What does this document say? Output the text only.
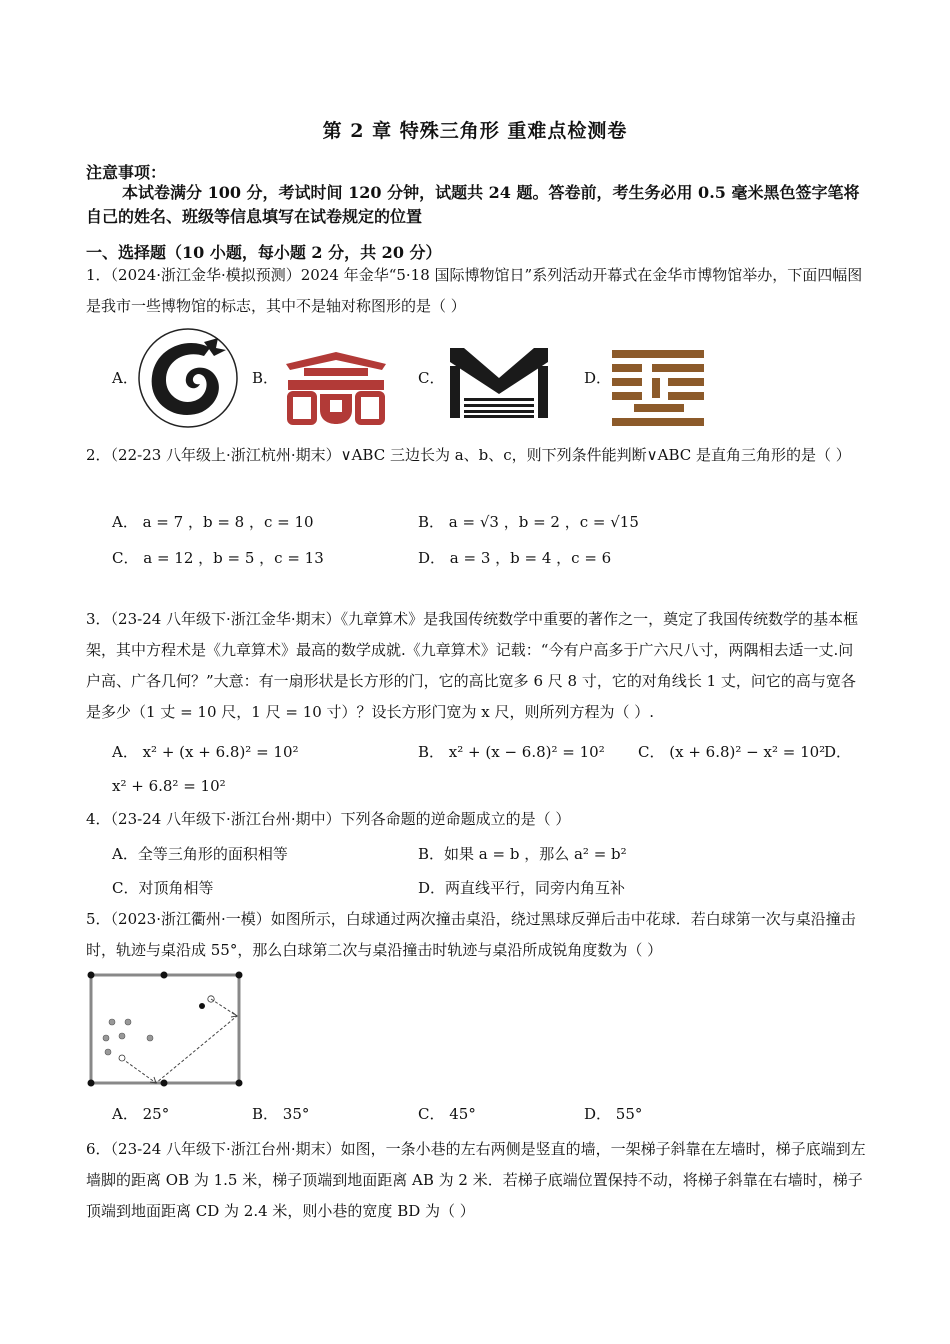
第 2 章 特殊三角形 重难点检测卷
注意事项：
本试卷满分 100 分，考试时间 120 分钟，试题共 24 题。答卷前，考生务必用 0.5 毫米黑色签字笔将自己的姓名、班级等信息填写在试卷规定的位置
一、选择题（10 小题，每小题 2 分，共 20 分）
1．（2024·浙江金华·模拟预测）2024 年金华“5·18 国际博物馆日”系列活动开幕式在金华市博物馆举办，下面四幅图是我市一些博物馆的标志，其中不是轴对称图形的是（ ）
A．	B．	C．	D．
2．（22-23 八年级上·浙江杭州·期末）∨ABC 三边长为 a、b、c，则下列条件能判断∨ABC 是直角三角形的是（ ）
A． a = 7 ，b = 8 ，c = 10	B． a = √3 ，b = 2 ，c = √15
C． a = 12 ，b = 5 ，c = 13	D． a = 3 ，b = 4 ，c = 6
3．（23-24 八年级下·浙江金华·期末）《九章算术》是我国传统数学中重要的著作之一，奠定了我国传统数学的基本框架，其中方程术是《九章算术》最高的数学成就.《九章算术》记载：“今有户高多于广六尺八寸，两隅相去适一丈.问户高、广各几何？”大意：有一扇形状是长方形的门，它的高比宽多 6 尺 8 寸，它的对角线长 1 丈，问它的高与宽各是多少（1 丈 = 10 尺，1 尺 = 10 寸）？设长方形门宽为 x 尺，则所列方程为（ ）.
A． x² + (x + 6.8)² = 10²	B． x² + (x − 6.8)² = 10² C． (x + 6.8)² − x² = 10²
D．
x² + 6.8² = 10²
4．（23-24 八年级下·浙江台州·期中）下列各命题的逆命题成立的是（ ）
A．全等三角形的面积相等	B．如果 a = b ，那么 a² = b²
C．对顶角相等	D．两直线平行，同旁内角互补
5．（2023·浙江衢州·一模）如图所示，白球通过两次撞击桌沿，绕过黑球反弹后击中花球．若白球第一次与桌沿撞击时，轨迹与桌沿成 55°，那么白球第二次与桌沿撞击时轨迹与桌沿所成锐角度数为（ ）
A． 25°	B． 35°	C． 45°	D． 55°
6．（23-24 八年级下·浙江台州·期末）如图，一条小巷的左右两侧是竖直的墙，一架梯子斜靠在左墙时，梯子底端到左墙脚的距离 OB 为 1.5 米，梯子顶端到地面距离 AB 为 2 米．若梯子底端位置保持不动，将梯子斜靠在右墙时，梯子顶端到地面距离 CD 为 2.4 米，则小巷的宽度 BD 为（ ）
